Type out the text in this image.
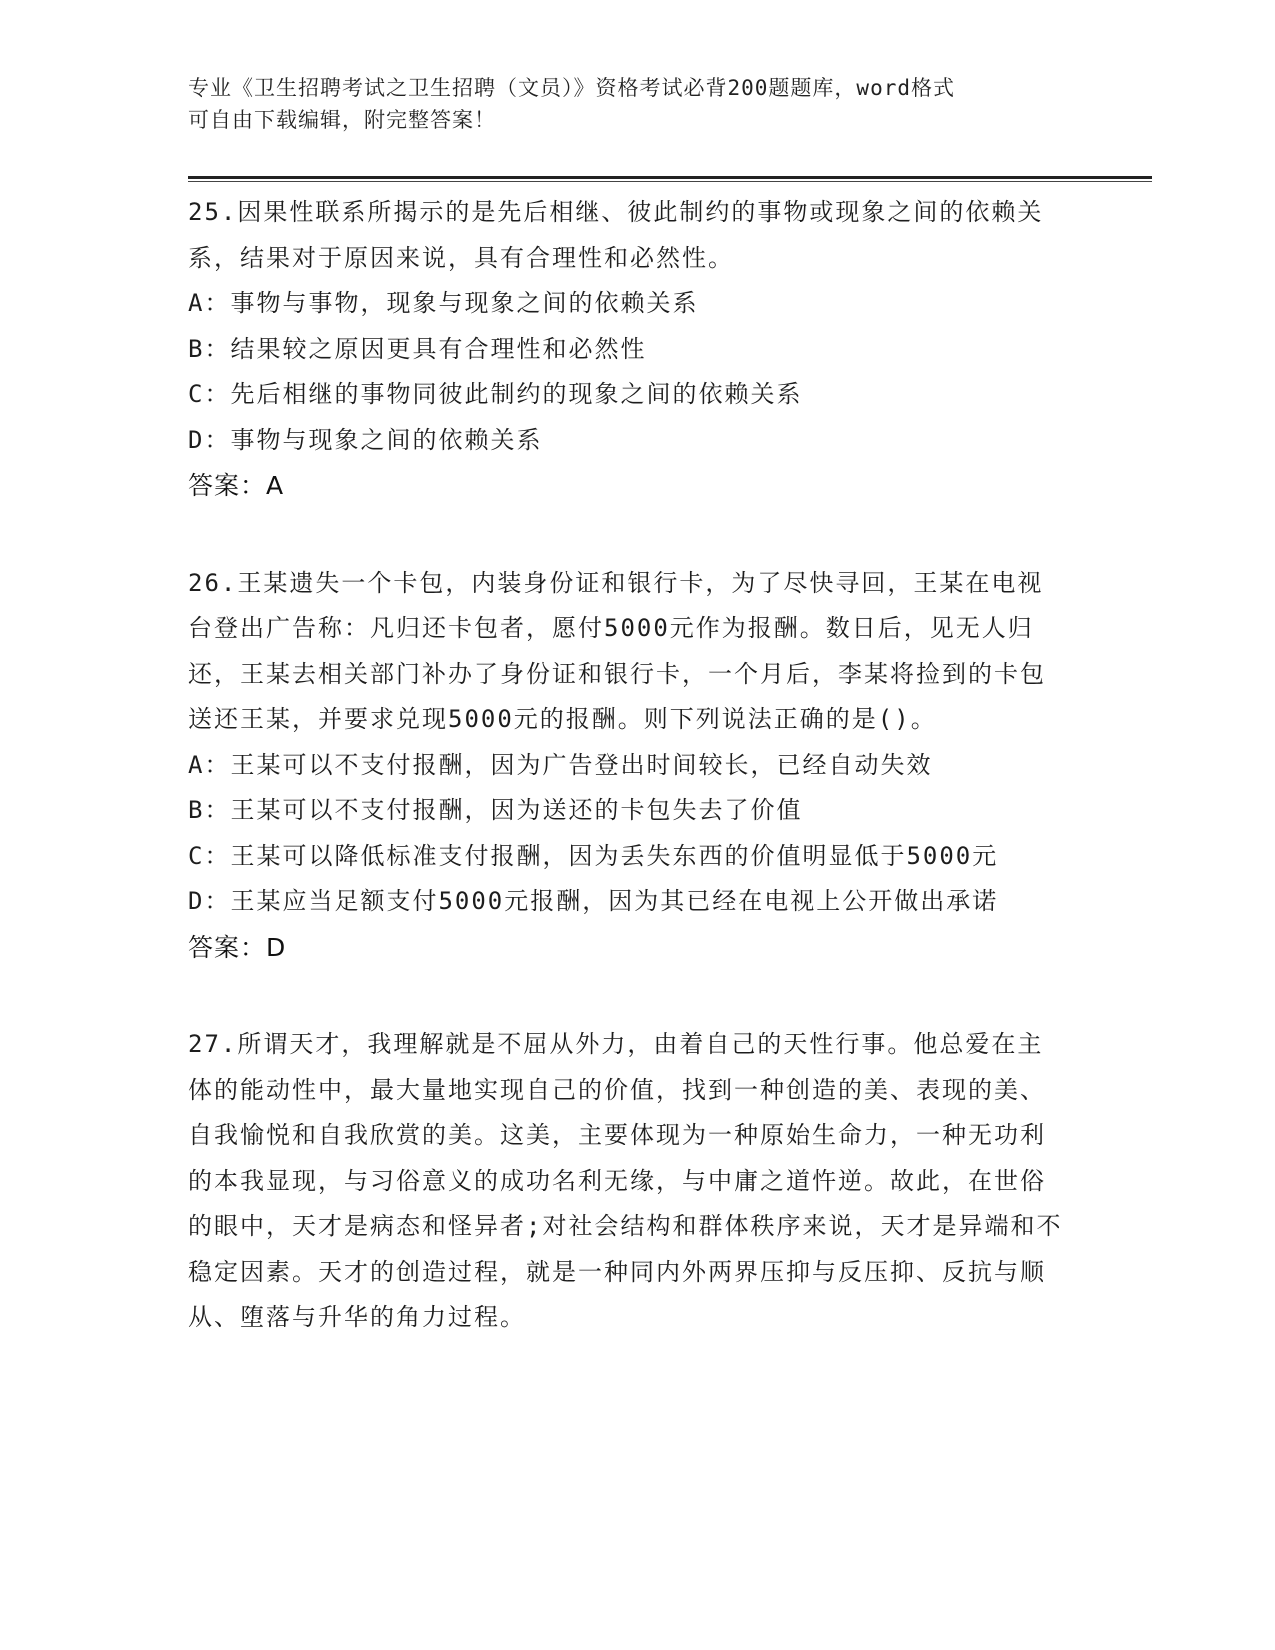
专业《卫生招聘考试之卫生招聘（文员）》资格考试必背200题题库，word格式
可自由下载编辑，附完整答案！
25.因果性联系所揭示的是先后相继、彼此制约的事物或现象之间的依赖关系，结果对于原因来说，具有合理性和必然性。
A：事物与事物，现象与现象之间的依赖关系
B：结果较之原因更具有合理性和必然性
C：先后相继的事物同彼此制约的现象之间的依赖关系
D：事物与现象之间的依赖关系
答案：A
26.王某遗失一个卡包，内装身份证和银行卡，为了尽快寻回，王某在电视台登出广告称：凡归还卡包者，愿付5000元作为报酬。数日后，见无人归还，王某去相关部门补办了身份证和银行卡，一个月后，李某将捡到的卡包送还王某，并要求兑现5000元的报酬。则下列说法正确的是()。
A：王某可以不支付报酬，因为广告登出时间较长，已经自动失效
B：王某可以不支付报酬，因为送还的卡包失去了价值
C：王某可以降低标准支付报酬，因为丢失东西的价值明显低于5000元
D：王某应当足额支付5000元报酬，因为其已经在电视上公开做出承诺
答案：D
27.所谓天才，我理解就是不屈从外力，由着自己的天性行事。他总爱在主体的能动性中，最大量地实现自己的价值，找到一种创造的美、表现的美、自我愉悦和自我欣赏的美。这美，主要体现为一种原始生命力，一种无功利的本我显现，与习俗意义的成功名利无缘，与中庸之道忤逆。故此，在世俗的眼中，天才是病态和怪异者;对社会结构和群体秩序来说，天才是异端和不稳定因素。天才的创造过程，就是一种同内外两界压抑与反压抑、反抗与顺从、堕落与升华的角力过程。
